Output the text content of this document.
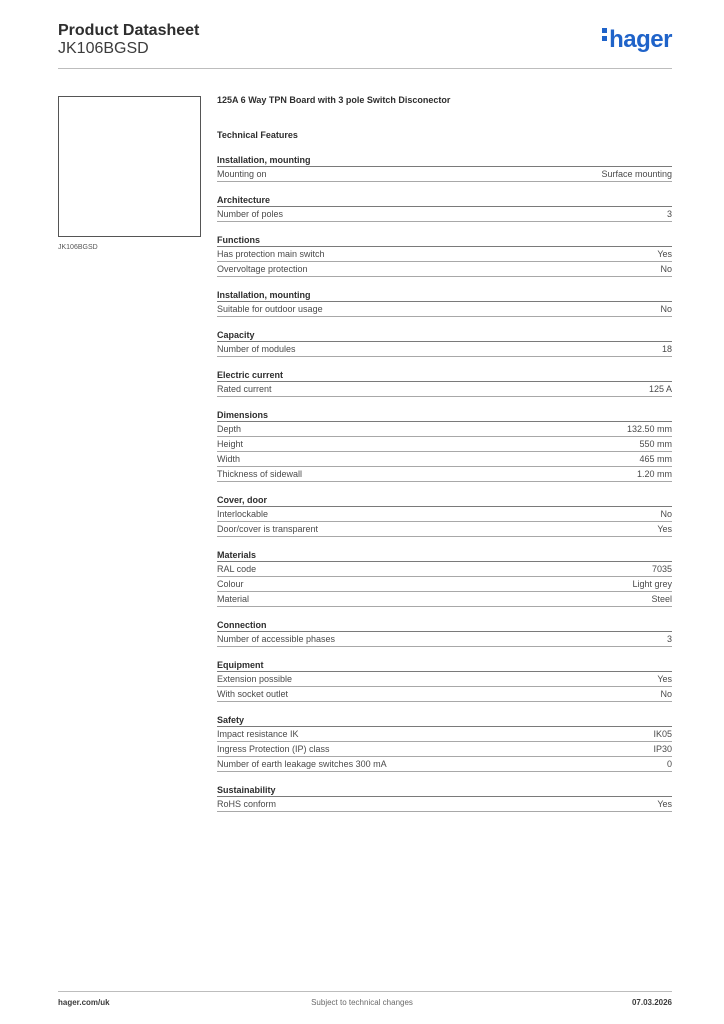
Product Datasheet
JK106BGSD	hager
JK106BGSD
125A 6 Way TPN Board with 3 pole Switch Disconector
Technical Features
Installation, mounting
Mounting on	Surface mounting
Architecture
Number of poles	3
Functions
Has protection main switch	Yes
Overvoltage protection	No
Installation, mounting
Suitable for outdoor usage	No
Capacity
Number of modules	18
Electric current
Rated current	125 A
Dimensions
Depth	132.50 mm
Height	550 mm
Width	465 mm
Thickness of sidewall	1.20 mm
Cover, door
Interlockable	No
Door/cover is transparent	Yes
Materials
RAL code	7035
Colour	Light grey
Material	Steel
Connection
Number of accessible phases	3
Equipment
Extension possible	Yes
With socket outlet	No
Safety
Impact resistance IK	IK05
Ingress Protection (IP) class	IP30
Number of earth leakage switches 300 mA	0
Sustainability
RoHS conform	Yes
hager.com/uk	Subject to technical changes	07.03.2026
